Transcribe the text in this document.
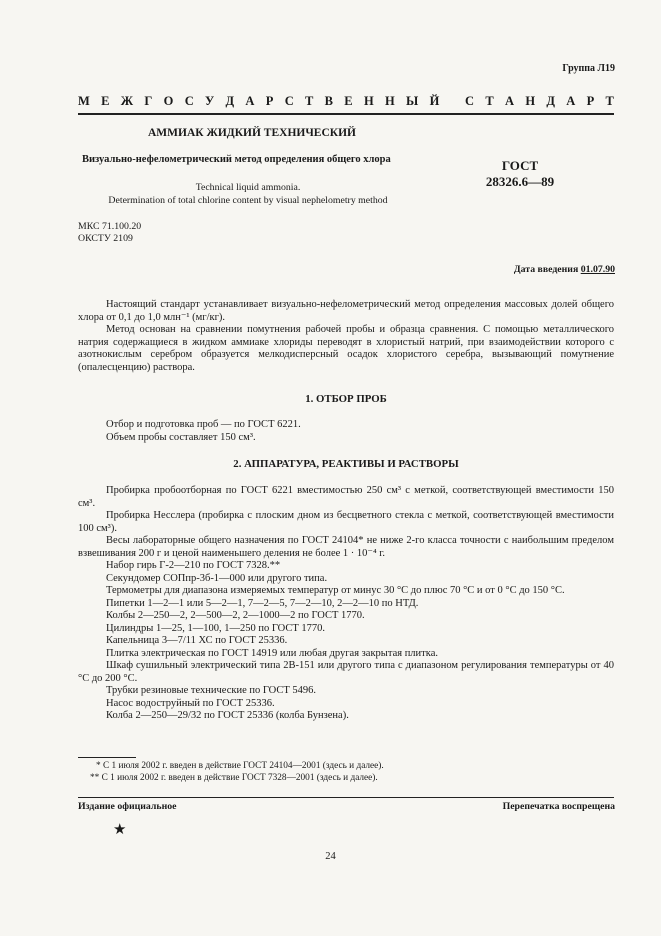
Группа Л19
М Е Ж Г О С У Д А Р С Т В Е Н Н Ы Й
С Т А Н Д А Р Т
АММИАК ЖИДКИЙ ТЕХНИЧЕСКИЙ
Визуально-нефелометрический метод определения общего хлора
Technical liquid ammonia.
Determination of total chlorine content by visual nephelometry method
ГОСТ
28326.6—89
МКС 71.100.20
ОКСТУ 2109
Дата введения 01.07.90

Настоящий стандарт устанавливает визуально-нефелометрический метод определения массовых долей общего хлора от 0,1 до 1,0 млн⁻¹ (мг/кг).

Метод основан на сравнении помутнения рабочей пробы и образца сравнения. С помощью металлического натрия содержащиеся в жидком аммиаке хлориды переводят в хлористый натрий, при взаимодействии которого с азотнокислым серебром образуется мелкодисперсный осадок хлористого серебра, вызывающий помутнение (опалесценцию) раствора.

1. ОТБОР ПРОБ

Отбор и подготовка проб — по ГОСТ 6221.

Объем пробы составляет 150 см³.

2. АППАРАТУРА, РЕАКТИВЫ И РАСТВОРЫ

Пробирка пробоотборная по ГОСТ 6221 вместимостью 250 см³ с меткой, соответствующей вместимости 150 см³.

Пробирка Несслера (пробирка с плоским дном из бесцветного стекла с меткой, соответствующей вместимости 100 см³).

Весы лабораторные общего назначения по ГОСТ 24104* не ниже 2-го класса точности с наибольшим пределом взвешивания 200 г и ценой наименьшего деления не более 1 · 10⁻⁴ г.

Набор гирь Г-2—210 по ГОСТ 7328.**

Секундомер СОПпр-3б-1—000 или другого типа.

Термометры для диапазона измеряемых температур от минус 30 °С до плюс 70 °С и от 0 °С до 150 °С.

Пипетки 1—2—1 или 5—2—1, 7—2—5, 7—2—10, 2—2—10 по НТД.

Колбы 2—250—2, 2—500—2, 2—1000—2 по ГОСТ 1770.

Цилиндры 1—25, 1—100, 1—250 по ГОСТ 1770.

Капельница 3—7/11 ХС по ГОСТ 25336.

Плитка электрическая по ГОСТ 14919 или любая другая закрытая плитка.

Шкаф сушильный электрический типа 2В-151 или другого типа с диапазоном регулирования температуры от 40 °С до 200 °С.

Трубки резиновые технические по ГОСТ 5496.

Насос водоструйный по ГОСТ 25336.

Колба 2—250—29/32 по ГОСТ 25336 (колба Бунзена).

* С 1 июля 2002 г. введен в действие ГОСТ 24104—2001 (здесь и далее).
** С 1 июля 2002 г. введен в действие ГОСТ 7328—2001 (здесь и далее).
Издание официальное	Перепечатка воспрещена
★
24
